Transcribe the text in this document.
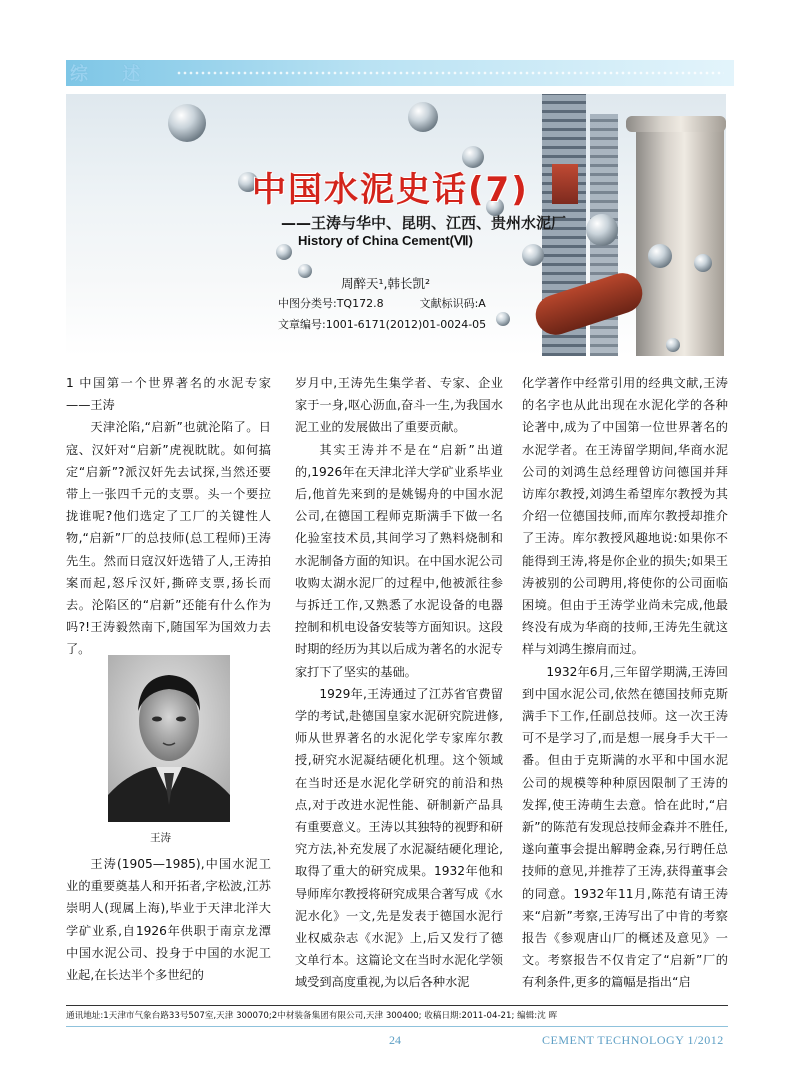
综 述
中国水泥史话(7)
——王涛与华中、昆明、江西、贵州水泥厂
History of China Cement(Ⅶ)
周醉天¹,韩长凯²
中图分类号:TQ172.8	文献标识码:A
文章编号:1001-6171(2012)01-0024-05

1 中国第一个世界著名的水泥专家——王涛

天津沦陷,“启新”也就沦陷了。日寇、汉奸对“启新”虎视眈眈。如何搞定“启新”?派汉奸先去试探,当然还要带上一张四千元的支票。头一个要拉拢谁呢?他们选定了工厂的关键性人物,“启新”厂的总技师(总工程师)王涛先生。然而日寇汉奸选错了人,王涛拍案而起,怒斥汉奸,撕碎支票,扬长而去。沦陷区的“启新”还能有什么作为吗?!王涛毅然南下,随国军为国效力去了。

王涛

王涛(1905—1985),中国水泥工业的重要奠基人和开拓者,字松波,江苏崇明人(现属上海),毕业于天津北洋大学矿业系,自1926年供职于南京龙潭中国水泥公司、投身于中国的水泥工业起,在长达半个多世纪的

岁月中,王涛先生集学者、专家、企业家于一身,呕心沥血,奋斗一生,为我国水泥工业的发展做出了重要贡献。

其实王涛并不是在“启新”出道的,1926年在天津北洋大学矿业系毕业后,他首先来到的是姚锡舟的中国水泥公司,在德国工程师克斯满手下做一名化验室技术员,其间学习了熟料烧制和水泥制备方面的知识。在中国水泥公司收购太湖水泥厂的过程中,他被派往参与拆迁工作,又熟悉了水泥设备的电器控制和机电设备安装等方面知识。这段时期的经历为其以后成为著名的水泥专家打下了坚实的基础。

1929年,王涛通过了江苏省官费留学的考试,赴德国皇家水泥研究院进修,师从世界著名的水泥化学专家库尔教授,研究水泥凝结硬化机理。这个领域在当时还是水泥化学研究的前沿和热点,对于改进水泥性能、研制新产品具有重要意义。王涛以其独特的视野和研究方法,补充发展了水泥凝结硬化理论,取得了重大的研究成果。1932年他和导师库尔教授将研究成果合著写成《水泥水化》一文,先是发表于德国水泥行业权威杂志《水泥》上,后又发行了德文单行本。这篇论文在当时水泥化学领域受到高度重视,为以后各种水泥

化学著作中经常引用的经典文献,王涛的名字也从此出现在水泥化学的各种论著中,成为了中国第一位世界著名的水泥学者。在王涛留学期间,华商水泥公司的刘鸿生总经理曾访问德国并拜访库尔教授,刘鸿生希望库尔教授为其介绍一位德国技师,而库尔教授却推介了王涛。库尔教授风趣地说:如果你不能得到王涛,将是你企业的损失;如果王涛被别的公司聘用,将使你的公司面临困境。但由于王涛学业尚未完成,他最终没有成为华商的技师,王涛先生就这样与刘鸿生擦肩而过。

1932年6月,三年留学期满,王涛回到中国水泥公司,依然在德国技师克斯满手下工作,任副总技师。这一次王涛可不是学习了,而是想一展身手大干一番。但由于克斯满的水平和中国水泥公司的规模等种种原因限制了王涛的发挥,使王涛萌生去意。恰在此时,“启新”的陈范有发现总技师金森并不胜任,遂向董事会提出解聘金森,另行聘任总技师的意见,并推荐了王涛,获得董事会的同意。1932年11月,陈范有请王涛来“启新”考察,王涛写出了中肯的考察报告《参观唐山厂的概述及意见》一文。考察报告不仅肯定了“启新”厂的有利条件,更多的篇幅是指出“启

通讯地址:1天津市气象台路33号507室,天津 300070;2中材装备集团有限公司,天津 300400; 收稿日期:2011-04-21; 编辑:沈 晖
24	CEMENT TECHNOLOGY 1/2012
